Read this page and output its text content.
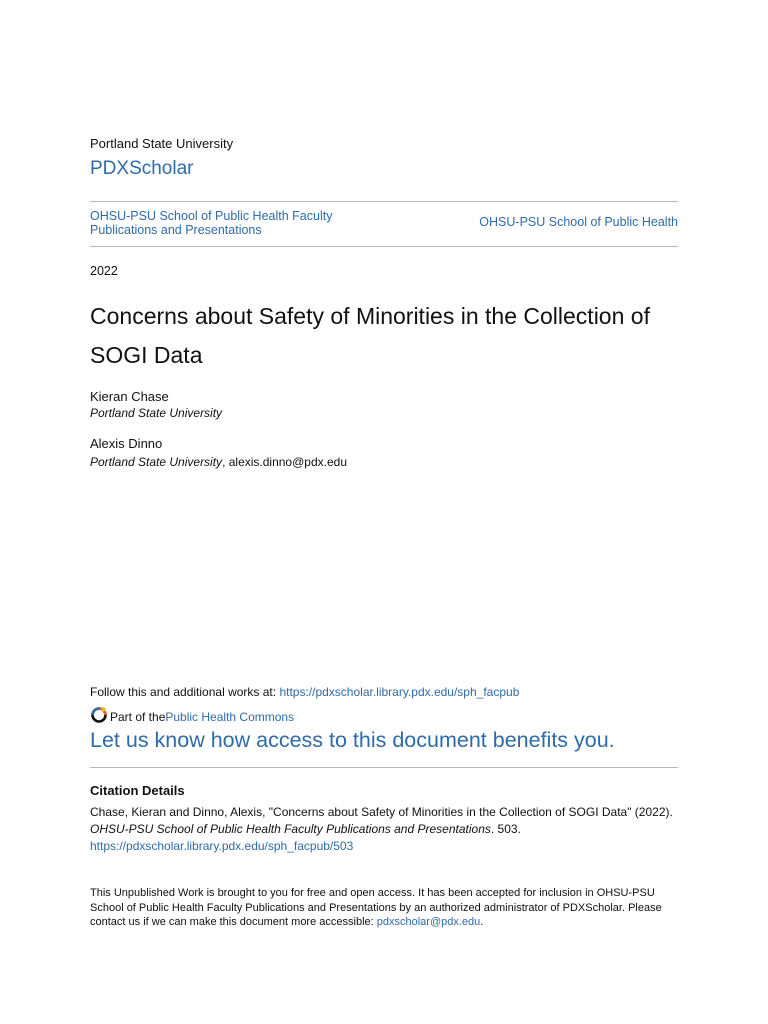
Portland State University
PDXScholar
OHSU-PSU School of Public Health Faculty Publications and Presentations
OHSU-PSU School of Public Health
2022
Concerns about Safety of Minorities in the Collection of SOGI Data
Kieran Chase
Portland State University
Alexis Dinno
Portland State University, alexis.dinno@pdx.edu
Follow this and additional works at: https://pdxscholar.library.pdx.edu/sph_facpub
Part of the Public Health Commons
Let us know how access to this document benefits you.
Citation Details
Chase, Kieran and Dinno, Alexis, "Concerns about Safety of Minorities in the Collection of SOGI Data" (2022). OHSU-PSU School of Public Health Faculty Publications and Presentations. 503.
https://pdxscholar.library.pdx.edu/sph_facpub/503
This Unpublished Work is brought to you for free and open access. It has been accepted for inclusion in OHSU-PSU School of Public Health Faculty Publications and Presentations by an authorized administrator of PDXScholar. Please contact us if we can make this document more accessible: pdxscholar@pdx.edu.
